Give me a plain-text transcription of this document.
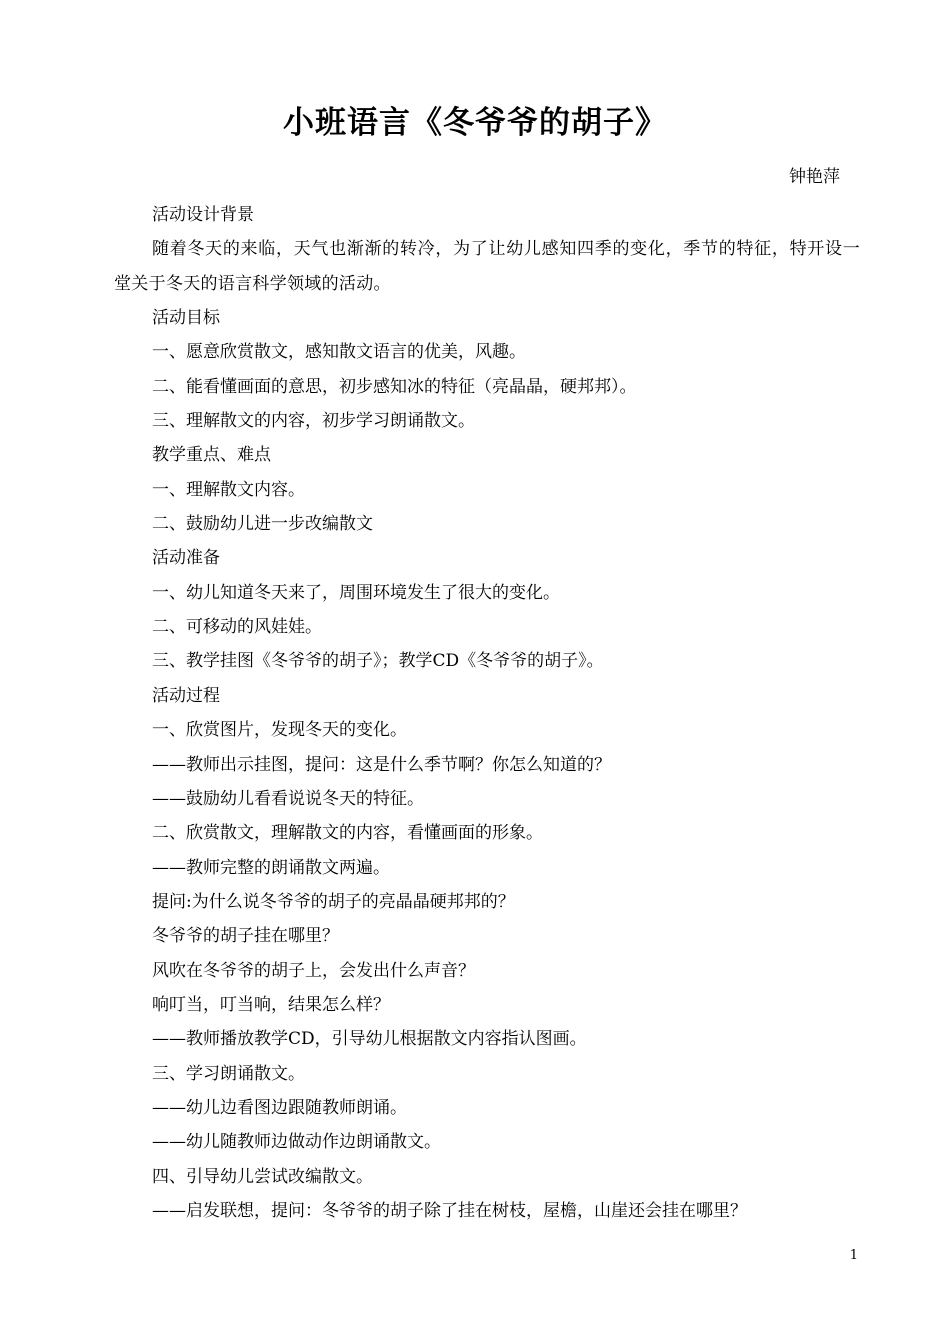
小班语言《冬爷爷的胡子》
钟艳萍

活动设计背景

随着冬天的来临，天气也渐渐的转冷，为了让幼儿感知四季的变化，季节的特征，特开设一堂关于冬天的语言科学领域的活动。

活动目标

一、愿意欣赏散文，感知散文语言的优美，风趣。

二、能看懂画面的意思，初步感知冰的特征（亮晶晶，硬邦邦）。

三、理解散文的内容，初步学习朗诵散文。

教学重点、难点

一、理解散文内容。

二、鼓励幼儿进一步改编散文

活动准备

一、幼儿知道冬天来了，周围环境发生了很大的变化。

二、可移动的风娃娃。

三、教学挂图《冬爷爷的胡子》；教学CD《冬爷爷的胡子》。

活动过程

一、欣赏图片，发现冬天的变化。

——教师出示挂图，提问：这是什么季节啊？你怎么知道的？

——鼓励幼儿看看说说冬天的特征。

二、欣赏散文，理解散文的内容，看懂画面的形象。

——教师完整的朗诵散文两遍。

提问:为什么说冬爷爷的胡子的亮晶晶硬邦邦的？

冬爷爷的胡子挂在哪里？

风吹在冬爷爷的胡子上，会发出什么声音？

响叮当，叮当响，结果怎么样？

——教师播放教学CD，引导幼儿根据散文内容指认图画。

三、学习朗诵散文。

——幼儿边看图边跟随教师朗诵。

——幼儿随教师边做动作边朗诵散文。

四、引导幼儿尝试改编散文。

——启发联想，提问：冬爷爷的胡子除了挂在树枝，屋檐，山崖还会挂在哪里？

1
